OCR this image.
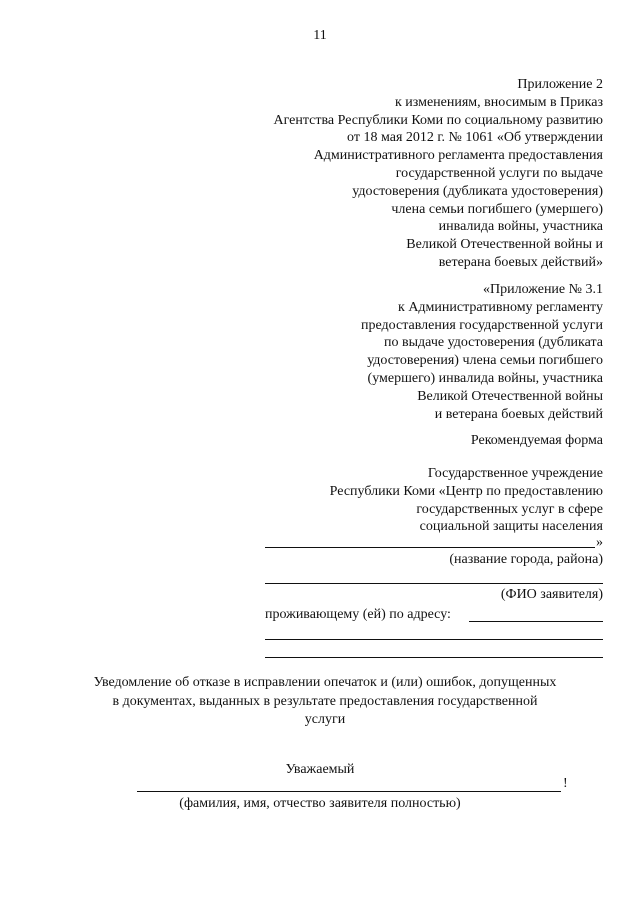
11
Приложение 2
к изменениям, вносимым в Приказ
Агентства Республики Коми по социальному развитию
от 18 мая 2012 г. № 1061 «Об утверждении
Административного регламента предоставления
государственной услуги по выдаче
удостоверения (дубликата удостоверения)
члена семьи погибшего (умершего)
инвалида войны, участника
Великой Отечественной войны и
ветерана боевых действий»
«Приложение № 3.1
к Административному регламенту
предоставления государственной услуги
по выдаче удостоверения (дубликата
удостоверения) члена семьи погибшего
(умершего) инвалида войны, участника
Великой Отечественной войны
и ветерана боевых действий
Рекомендуемая форма
Государственное учреждение
Республики Коми «Центр по предоставлению
государственных услуг в сфере
социальной защиты населения
»
(название города, района)
(ФИО заявителя)
проживающему (ей) по адресу:
Уведомление об отказе в исправлении опечаток и (или) ошибок, допущенных
в документах, выданных в результате предоставления государственной
услуги
Уважаемый
!
(фамилия, имя, отчество заявителя полностью)
